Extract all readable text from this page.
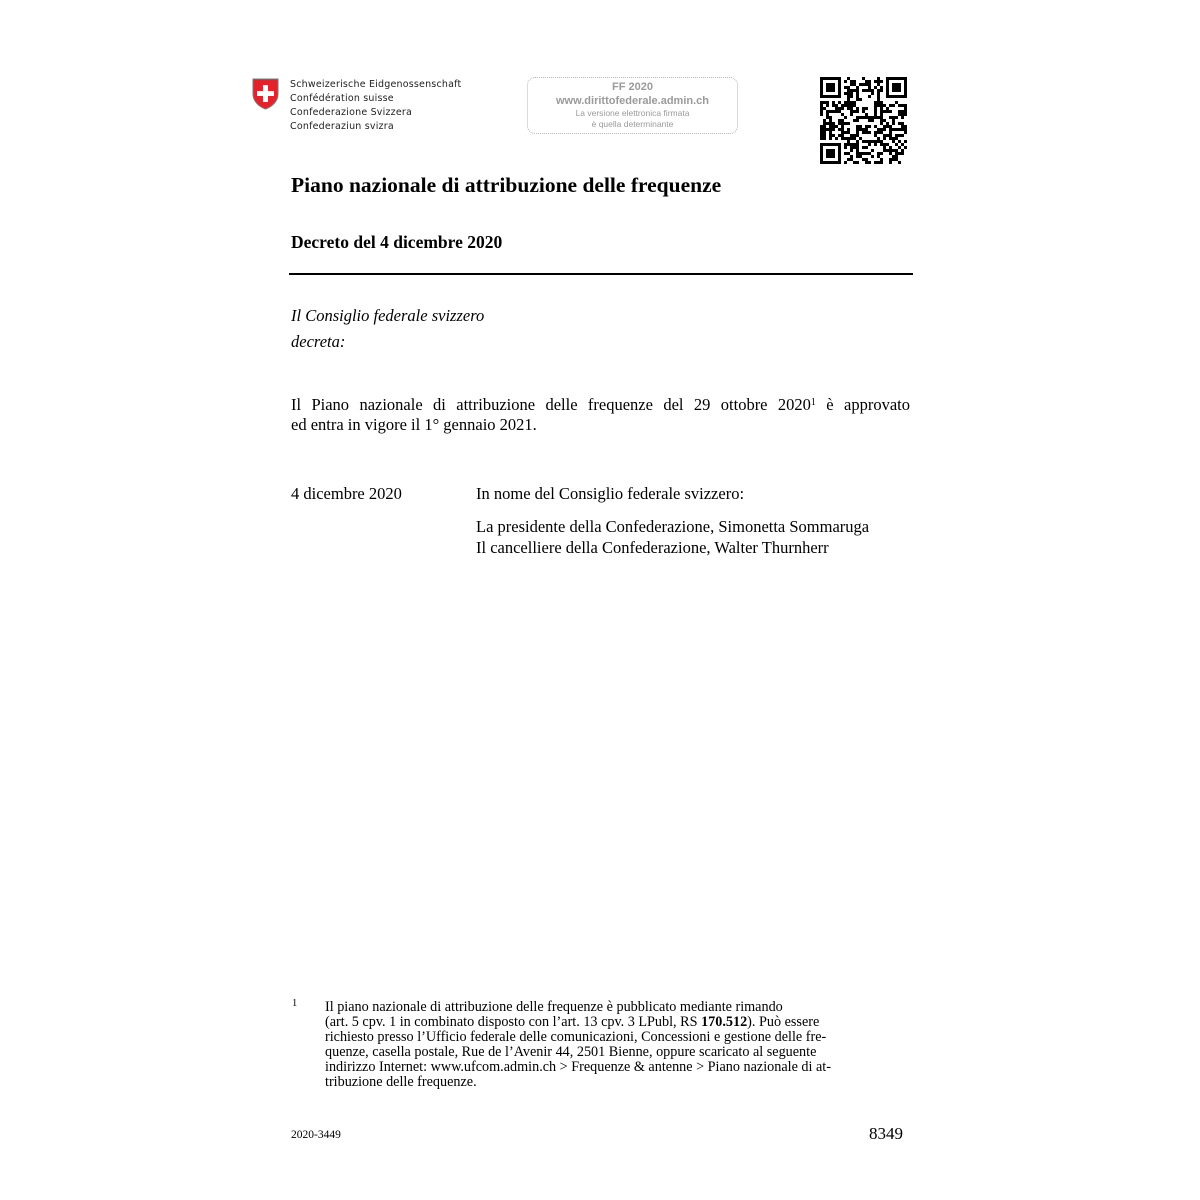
Schweizerische Eidgenossenschaft
Confédération suisse
Confederazione Svizzera
Confederaziun svizra
FF 2020
www.dirittofederale.admin.ch
La versione elettronica firmata
è quella determinante
Piano nazionale di attribuzione delle frequenze
Decreto del 4 dicembre 2020
Il Consiglio federale svizzero
decreta:
Il Piano nazionale di attribuzione delle frequenze del 29 ottobre 2020$^1$ è approvato
ed entra in vigore il 1° gennaio 2021.
4 dicembre 2020	In nome del Consiglio federale svizzero:
La presidente della Confederazione, Simonetta Sommaruga
Il cancelliere della Confederazione, Walter Thurnherr
1 Il piano nazionale di attribuzione delle frequenze è pubblicato mediante rimando
(art. 5 cpv. 1 in combinato disposto con l’art. 13 cpv. 3 LPubl, RS 170.512). Può essere
richiesto presso l’Ufficio federale delle comunicazioni, Concessioni e gestione delle fre-
quenze, casella postale, Rue de l’Avenir 44, 2501 Bienne, oppure scaricato al seguente
indirizzo Internet: www.ufcom.admin.ch > Frequenze & antenne > Piano nazionale di at-
tribuzione delle frequenze.
2020-3449	8349
